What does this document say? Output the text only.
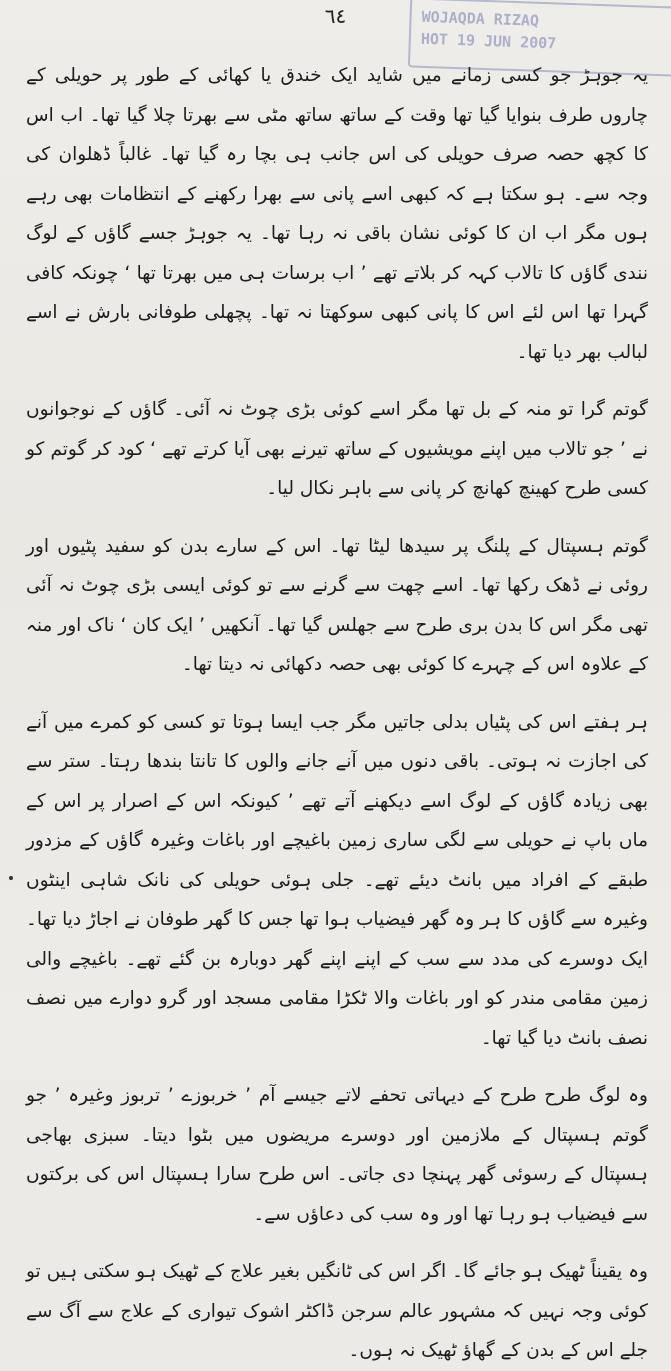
٦٤	WOJAQDA RIZAQ
HOT 19 JUN 2007

یہ جوہڑ جو کسی زمانے میں شاید ایک خندق یا کھائی کے طور پر حویلی کے چاروں طرف بنوایا گیا تھا وقت کے ساتھ ساتھ مٹی سے بھرتا چلا گیا تھا۔ اب اس کا کچھ حصہ صرف حویلی کی اس جانب ہی بچا رہ گیا تھا۔ غالباً ڈھلوان کی وجہ سے۔ ہو سکتا ہے کہ کبھی اسے پانی سے بھرا رکھنے کے انتظامات بھی رہے ہوں مگر اب ان کا کوئی نشان باقی نہ رہا تھا۔ یہ جوہڑ جسے گاؤں کے لوگ نندی گاؤں کا تالاب کہہ کر بلاتے تھے ’ اب برسات ہی میں بھرتا تھا ‘ چونکہ کافی گہرا تھا اس لئے اس کا پانی کبھی سوکھتا نہ تھا۔ پچھلی طوفانی بارش نے اسے لبالب بھر دیا تھا۔

گوتم گرا تو منہ کے بل تھا مگر اسے کوئی بڑی چوٹ نہ آئی۔ گاؤں کے نوجوانوں نے ’ جو تالاب میں اپنے مویشیوں کے ساتھ تیرنے بھی آیا کرتے تھے ‘ کود کر گوتم کو کسی طرح کھینچ کھانچ کر پانی سے باہر نکال لیا۔

گوتم ہسپتال کے پلنگ پر سیدھا لیٹا تھا۔ اس کے سارے بدن کو سفید پٹیوں اور روئی نے ڈھک رکھا تھا۔ اسے چھت سے گرنے سے تو کوئی ایسی بڑی چوٹ نہ آئی تھی مگر اس کا بدن بری طرح سے جھلس گیا تھا۔ آنکھیں ’ ایک کان ‘ ناک اور منہ کے علاوہ اس کے چہرے کا کوئی بھی حصہ دکھائی نہ دیتا تھا۔

ہر ہفتے اس کی پٹیاں بدلی جاتیں مگر جب ایسا ہوتا تو کسی کو کمرے میں آنے کی اجازت نہ ہوتی۔ باقی دنوں میں آنے جانے والوں کا تانتا بندھا رہتا۔ ستر سے بھی زیادہ گاؤں کے لوگ اسے دیکھنے آتے تھے ’ کیونکہ اس کے اصرار پر اس کے ماں باپ نے حویلی سے لگی ساری زمین باغیچے اور باغات وغیرہ گاؤں کے مزدور طبقے کے افراد میں بانٹ دیئے تھے۔ جلی ہوئی حویلی کی نانک شاہی اینٹوں وغیرہ سے گاؤں کا ہر وہ گھر فیضیاب ہوا تھا جس کا گھر طوفان نے اجاڑ دیا تھا۔ ایک دوسرے کی مدد سے سب کے اپنے اپنے گھر دوبارہ بن گئے تھے۔ باغیچے والی زمین مقامی مندر کو اور باغات والا ٹکڑا مقامی مسجد اور گرو دوارے میں نصف نصف بانٹ دیا گیا تھا۔

وہ لوگ طرح طرح کے دیہاتی تحفے لاتے جیسے آم ’ خربوزے ’ تربوز وغیرہ ’ جو گوتم ہسپتال کے ملازمین اور دوسرے مریضوں میں بٹوا دیتا۔ سبزی بھاجی ہسپتال کے رسوئی گھر پہنچا دی جاتی۔ اس طرح سارا ہسپتال اس کی برکتوں سے فیضیاب ہو رہا تھا اور وہ سب کی دعاؤں سے۔

وہ یقیناً ٹھیک ہو جائے گا۔ اگر اس کی ٹانگیں بغیر علاج کے ٹھیک ہو سکتی ہیں تو کوئی وجہ نہیں کہ مشہور عالم سرجن ڈاکٹر اشوک تیواری کے علاج سے آگ سے جلے اس کے بدن کے گھاؤ ٹھیک نہ ہوں۔
